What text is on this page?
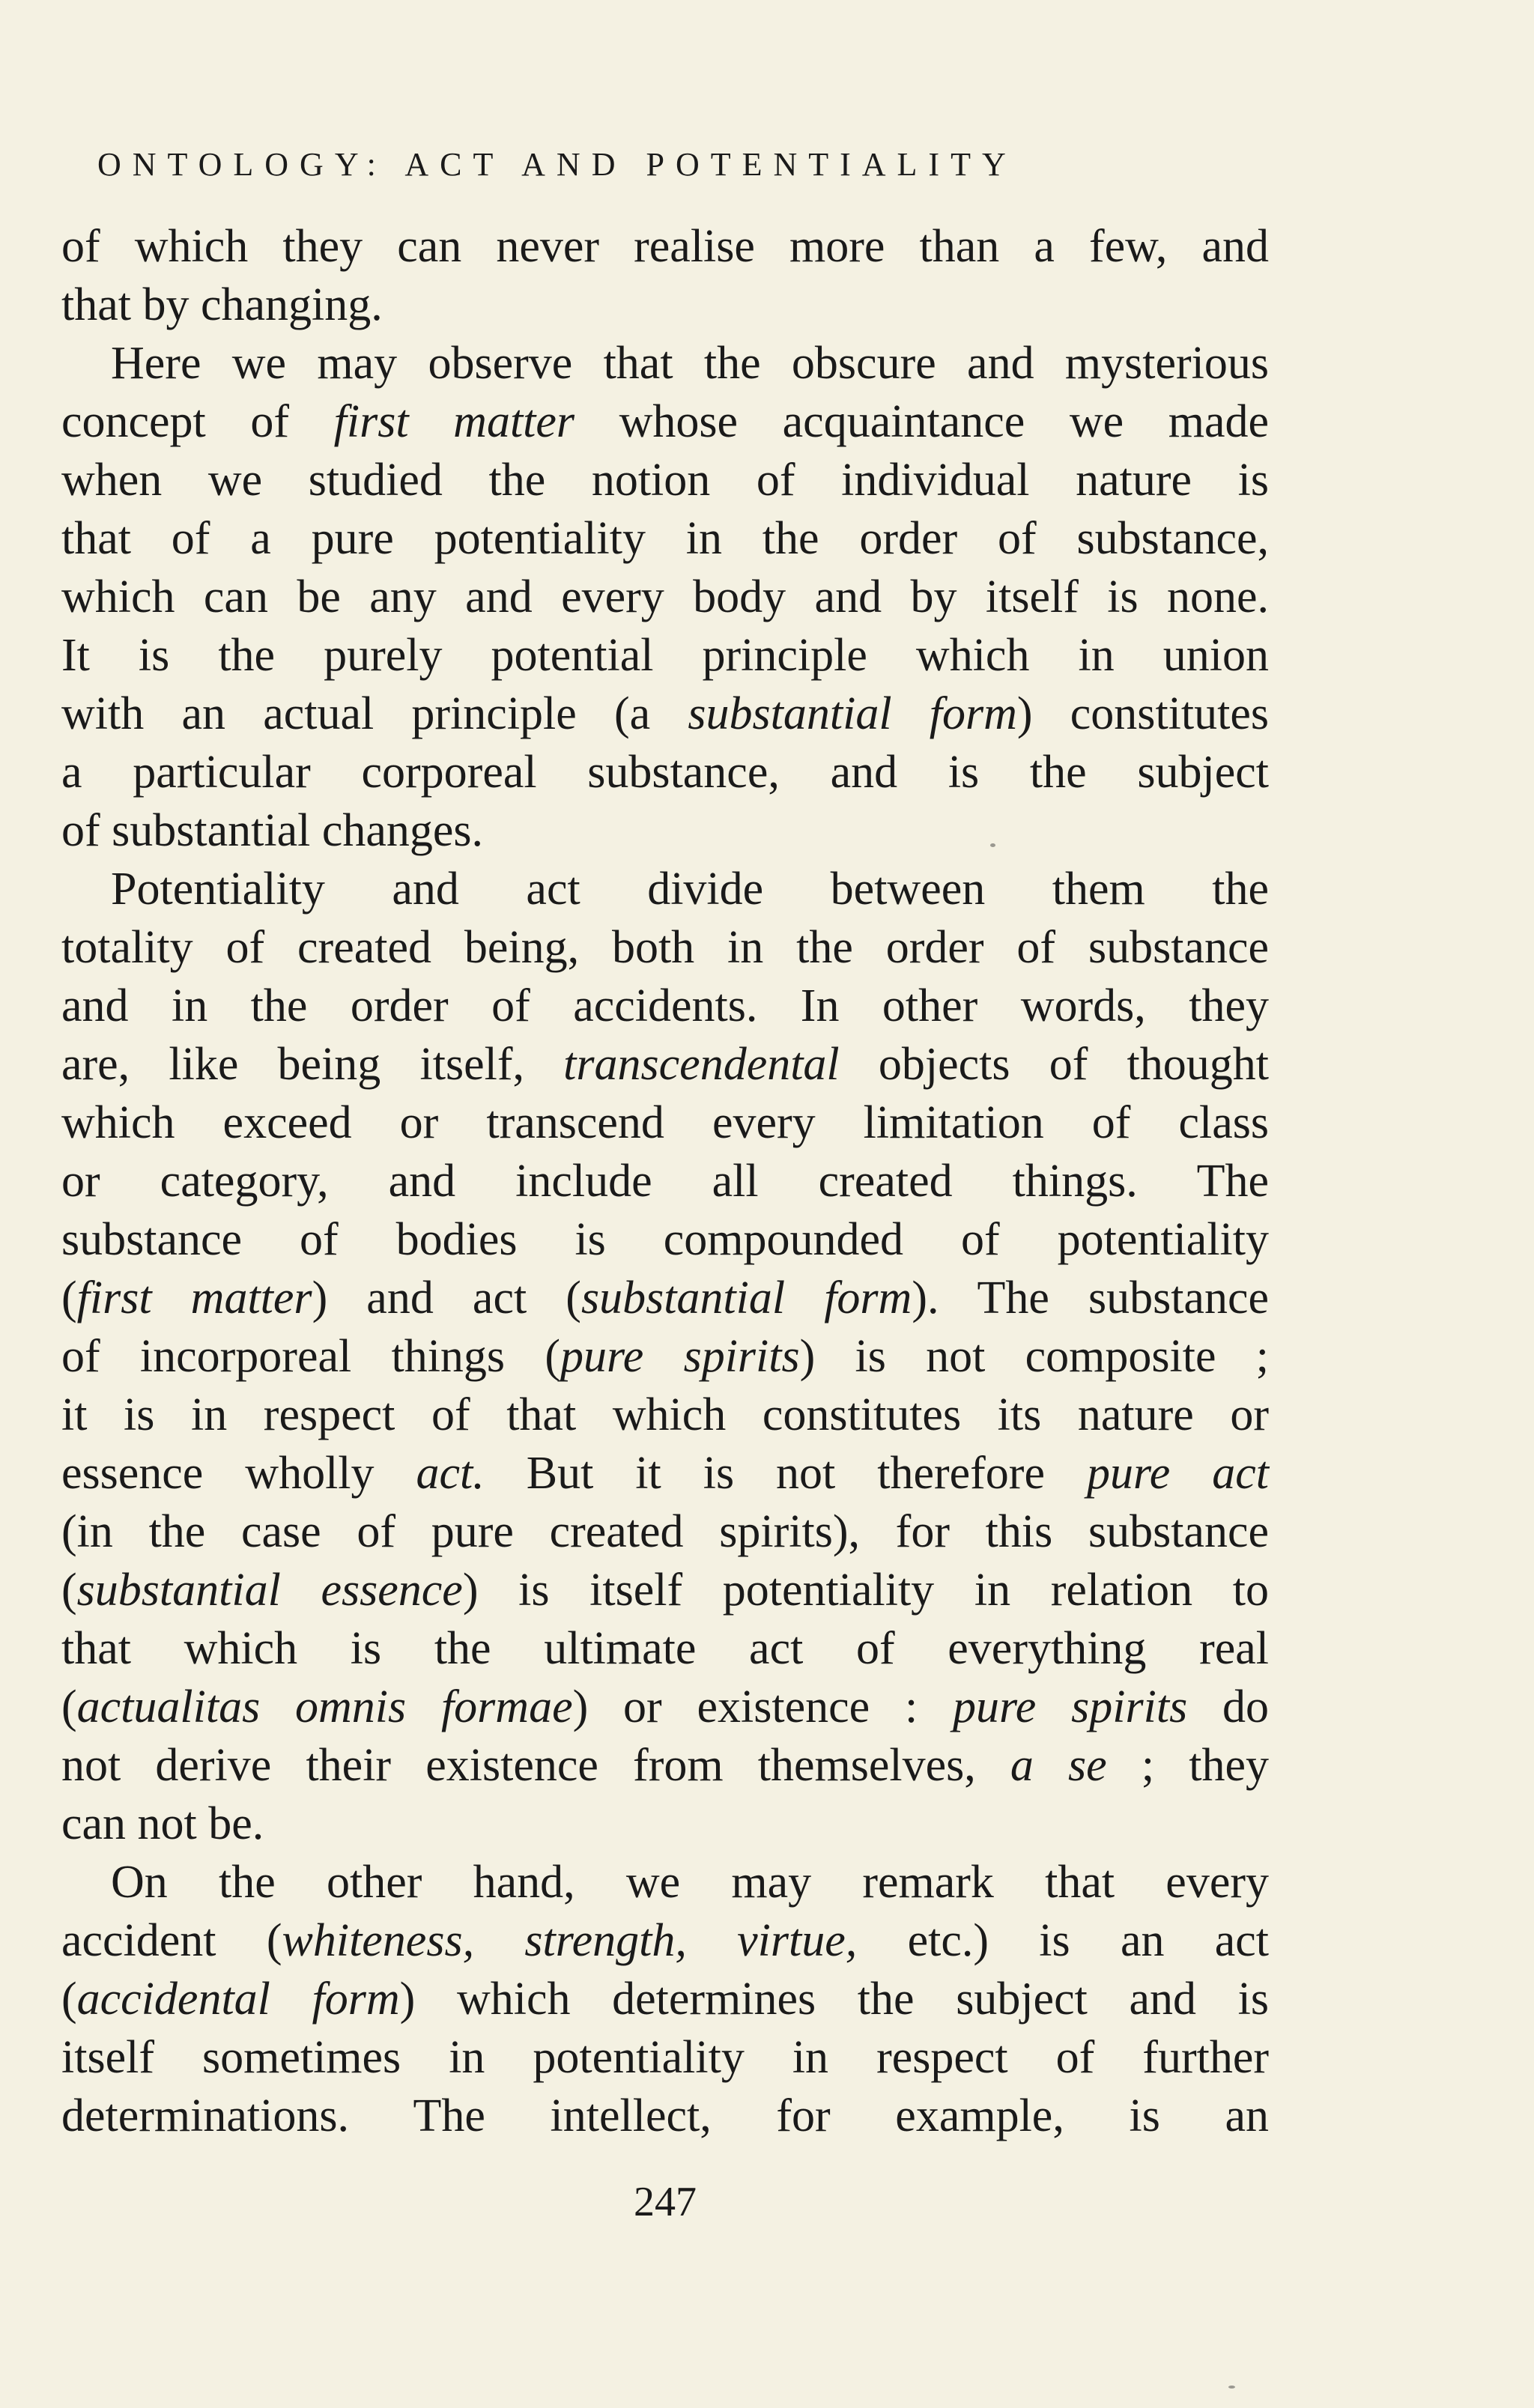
ONTOLOGY: ACT AND POTENTIALITY
of which they can never realise more than a few, and
that by changing.
Here we may observe that the obscure and mysterious
concept of first matter whose acquaintance we made
when we studied the notion of individual nature is
that of a pure potentiality in the order of substance,
which can be any and every body and by itself is none.
It is the purely potential principle which in union
with an actual principle (a substantial form) constitutes
a particular corporeal substance, and is the subject
of substantial changes.
Potentiality and act divide between them the
totality of created being, both in the order of substance
and in the order of accidents. In other words, they
are, like being itself, transcendental objects of thought
which exceed or transcend every limitation of class
or category, and include all created things. The
substance of bodies is compounded of potentiality
(first matter) and act (substantial form). The substance
of incorporeal things (pure spirits) is not composite ;
it is in respect of that which constitutes its nature or
essence wholly act. But it is not therefore pure act
(in the case of pure created spirits), for this substance
(substantial essence) is itself potentiality in relation to
that which is the ultimate act of everything real
(actualitas omnis formae) or existence : pure spirits do
not derive their existence from themselves, a se ; they
can not be.
On the other hand, we may remark that every
accident (whiteness, strength, virtue, etc.) is an act
(accidental form) which determines the subject and is
itself sometimes in potentiality in respect of further
determinations. The intellect, for example, is an
247
